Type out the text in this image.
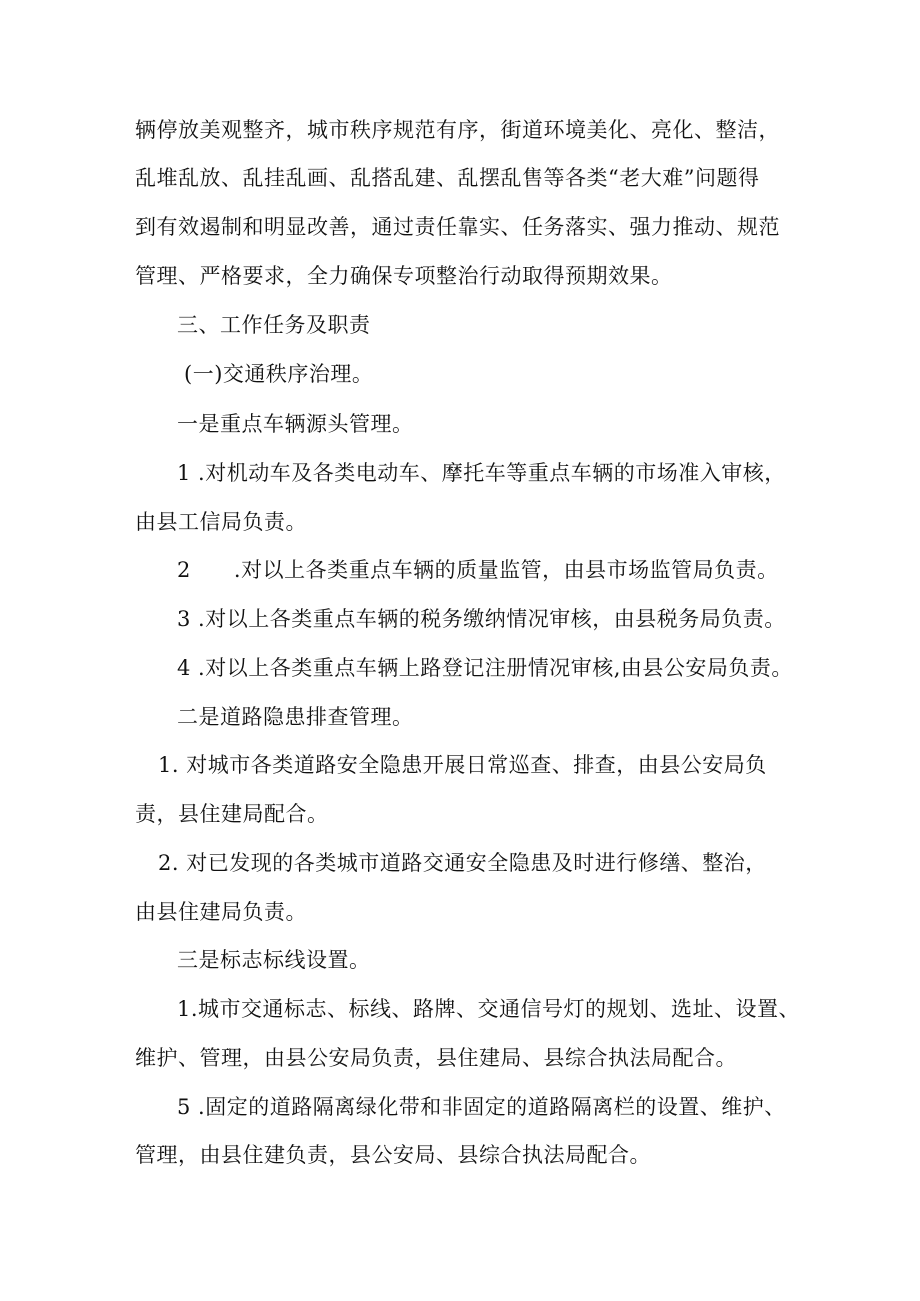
辆停放美观整齐，城市秩序规范有序，街道环境美化、亮化、整洁，
乱堆乱放、乱挂乱画、乱搭乱建、乱摆乱售等各类“老大难”问题得
到有效遏制和明显改善，通过责任靠实、任务落实、强力推动、规范
管理、严格要求，全力确保专项整治行动取得预期效果。
三、工作任务及职责
(一)交通秩序治理。
一是重点车辆源头管理。
1 .对机动车及各类电动车、摩托车等重点车辆的市场准入审核，
由县工信局负责。
2      .对以上各类重点车辆的质量监管，由县市场监管局负责。
3 .对以上各类重点车辆的税务缴纳情况审核，由县税务局负责。
4 .对以上各类重点车辆上路登记注册情况审核,由县公安局负责。
二是道路隐患排查管理。
1. 对城市各类道路安全隐患开展日常巡查、排查，由县公安局负
责，县住建局配合。
2. 对已发现的各类城市道路交通安全隐患及时进行修缮、整治，
由县住建局负责。
三是标志标线设置。
1.城市交通标志、标线、路牌、交通信号灯的规划、选址、设置、
维护、管理，由县公安局负责，县住建局、县综合执法局配合。
5 .固定的道路隔离绿化带和非固定的道路隔离栏的设置、维护、
管理，由县住建负责，县公安局、县综合执法局配合。
